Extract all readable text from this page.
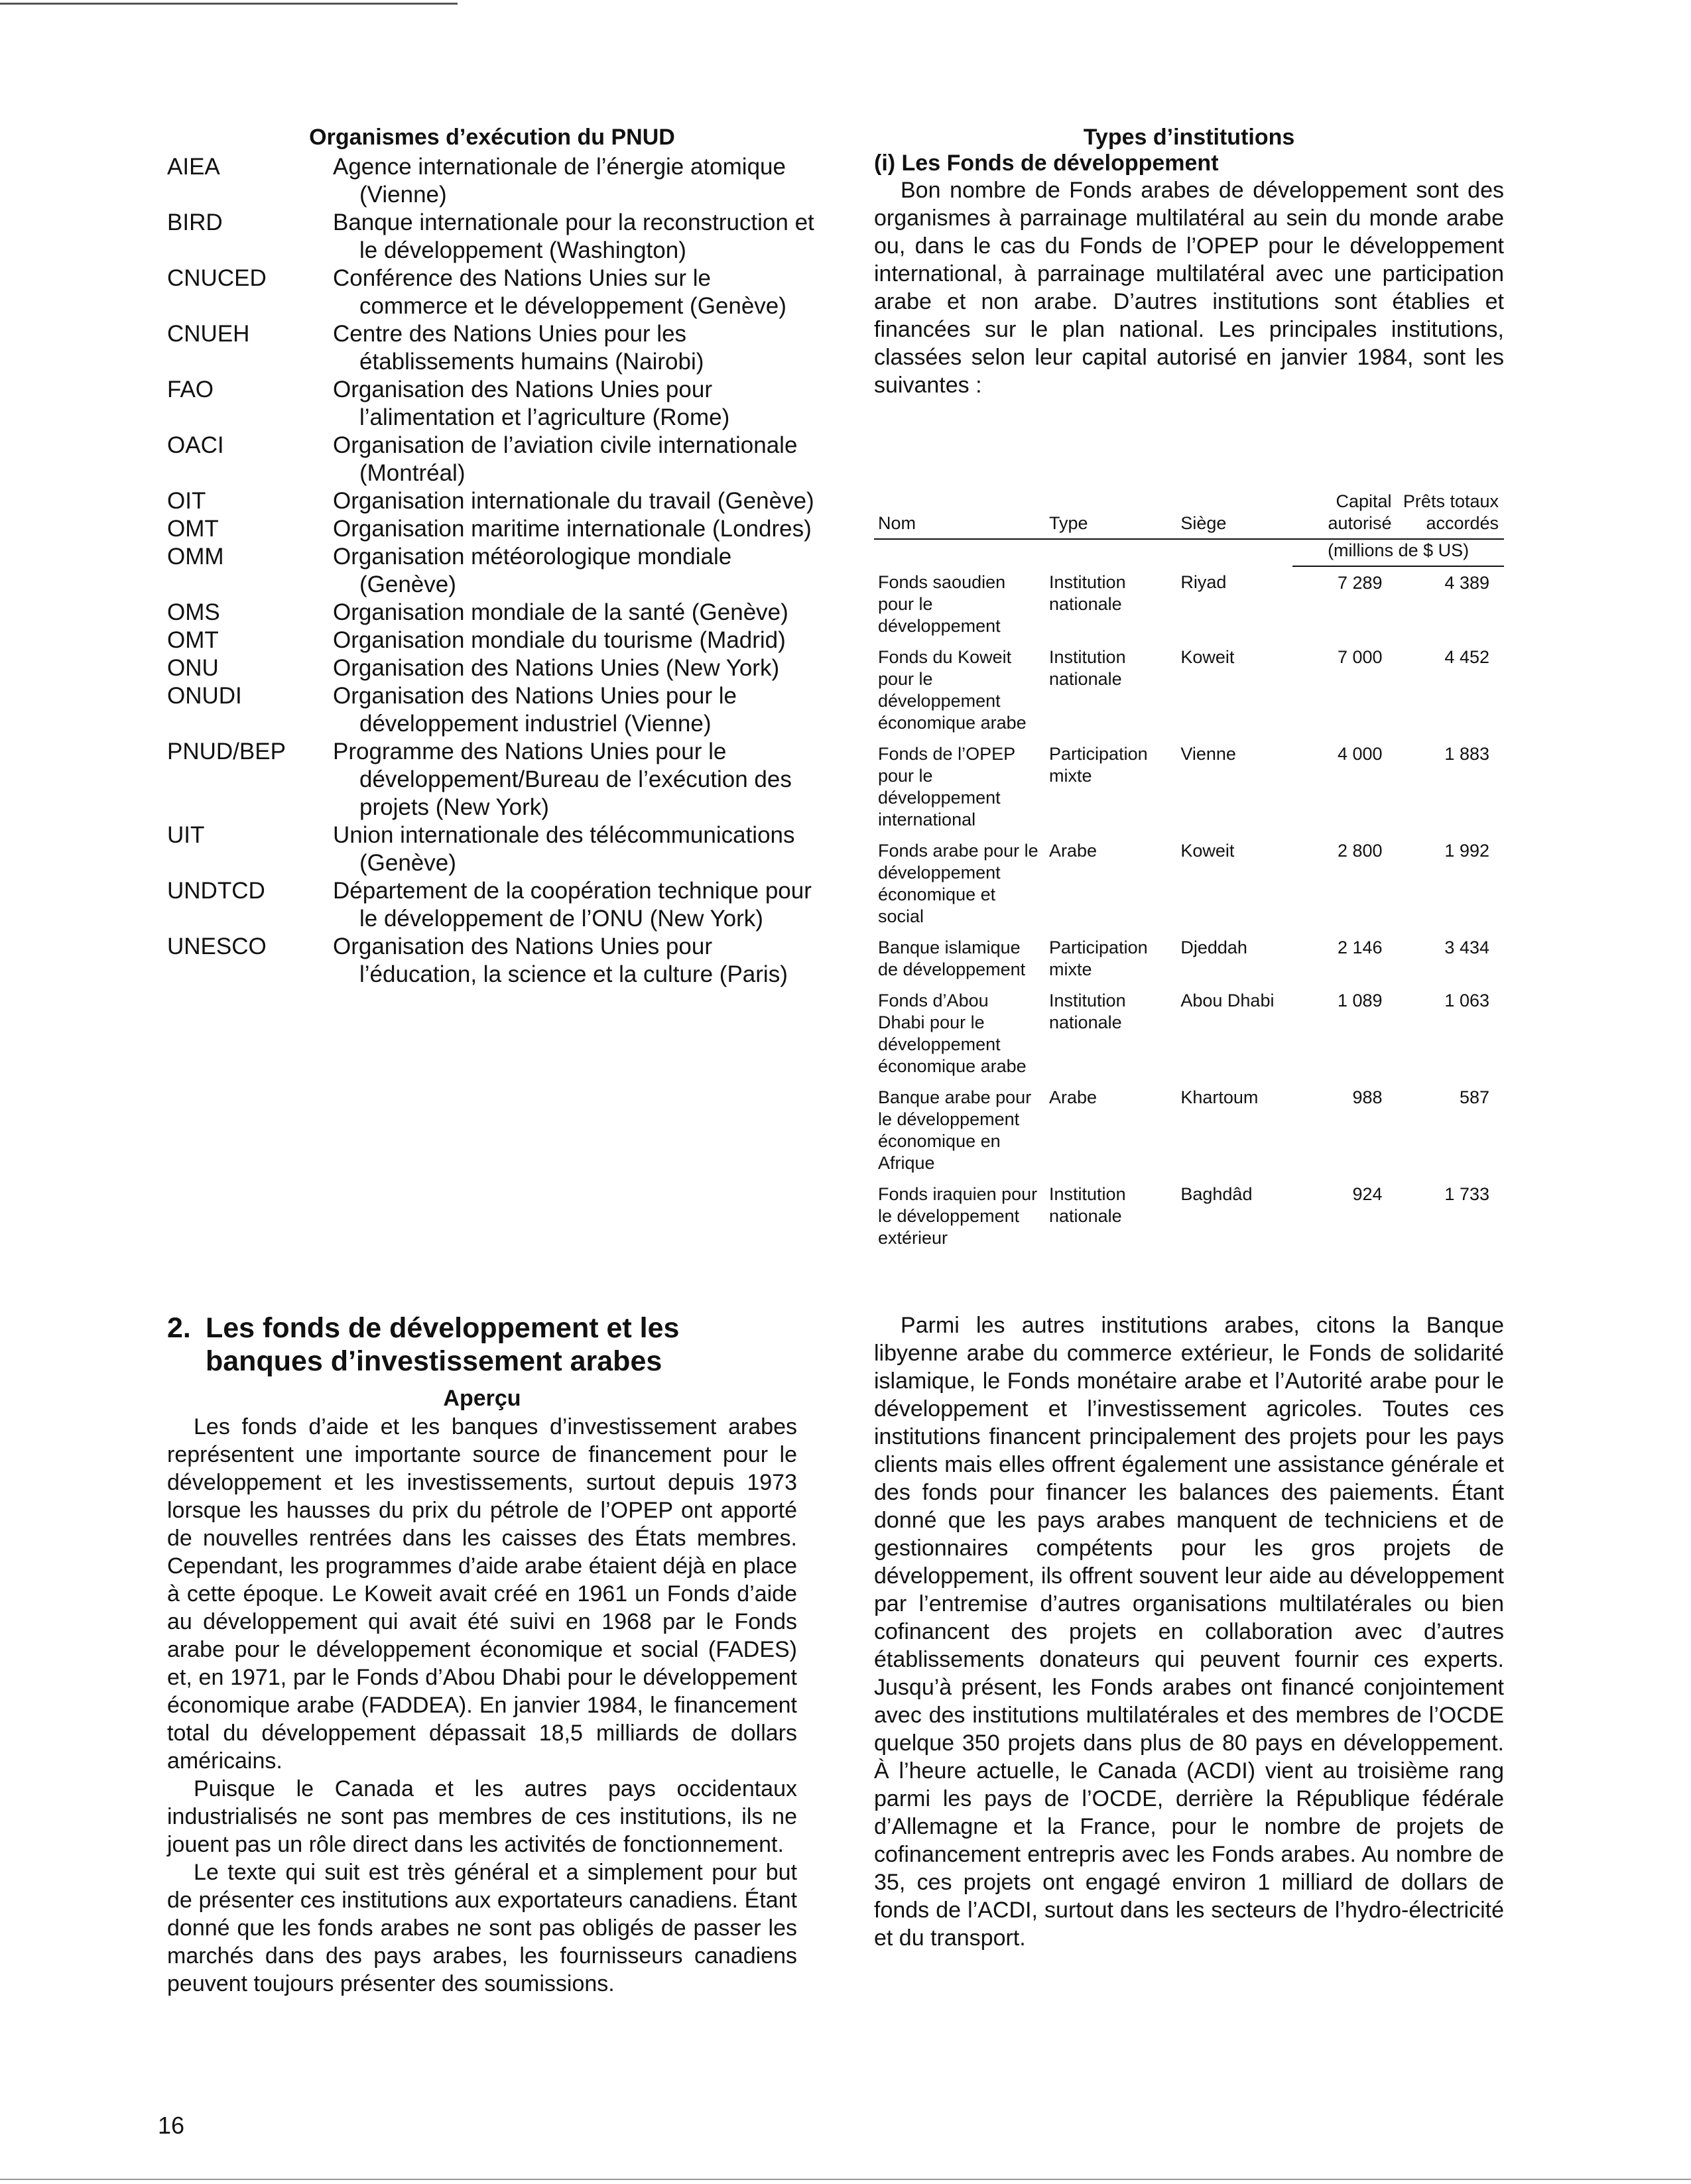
Organismes d’exécution du PNUD
AIEA	Agence internationale de l’énergie atomique (Vienne)
BIRD	Banque internationale pour la reconstruction et le développement (Washington)
CNUCED	Conférence des Nations Unies sur le commerce et le développement (Genève)
CNUEH	Centre des Nations Unies pour les établissements humains (Nairobi)
FAO	Organisation des Nations Unies pour l’alimentation et l’agriculture (Rome)
OACI	Organisation de l’aviation civile internationale (Montréal)
OIT	Organisation internationale du travail (Genève)
OMT	Organisation maritime internationale (Londres)
OMM	Organisation météorologique mondiale (Genève)
OMS	Organisation mondiale de la santé (Genève)
OMT	Organisation mondiale du tourisme (Madrid)
ONU	Organisation des Nations Unies (New York)
ONUDI	Organisation des Nations Unies pour le développement industriel (Vienne)
PNUD/BEP	Programme des Nations Unies pour le développement/Bureau de l’exécution des projets (New York)
UIT	Union internationale des télécommunications (Genève)
UNDTCD	Département de la coopération technique pour le développement de l’ONU (New York)
UNESCO	Organisation des Nations Unies pour l’éducation, la science et la culture (Paris)
Types d’institutions
(i) Les Fonds de développement

Bon nombre de Fonds arabes de développement sont des organismes à parrainage multilatéral au sein du monde arabe ou, dans le cas du Fonds de l’OPEP pour le développement international, à parrainage multilatéral avec une participation arabe et non arabe. D’autres institutions sont établies et financées sur le plan national. Les principales institutions, classées selon leur capital autorisé en janvier 1984, sont les suivantes :

Nom	Type	Siège	Capital autorisé	Prêts totaux accordés
			(millions de $ US)	
Fonds saoudien pour le développement	Institution nationale	Riyad	7 289	4 389
Fonds du Koweit pour le développement économique arabe	Institution nationale	Koweit	7 000	4 452
Fonds de l’OPEP pour le développement international	Participation mixte	Vienne	4 000	1 883
Fonds arabe pour le développement économique et social	Arabe	Koweit	2 800	1 992
Banque islamique de développement	Participation mixte	Djeddah	2 146	3 434
Fonds d’Abou Dhabi pour le développement économique arabe	Institution nationale	Abou Dhabi	1 089	1 063
Banque arabe pour le développement économique en Afrique	Arabe	Khartoum	988	587
Fonds iraquien pour le développement extérieur	Institution nationale	Baghdâd	924	1 733
2. Les fonds de développement et les banques d’investissement arabes
Aperçu

Les fonds d’aide et les banques d’investissement arabes représentent une importante source de financement pour le développement et les investissements, surtout depuis 1973 lorsque les hausses du prix du pétrole de l’OPEP ont apporté de nouvelles rentrées dans les caisses des États membres. Cependant, les programmes d’aide arabe étaient déjà en place à cette époque. Le Koweit avait créé en 1961 un Fonds d’aide au développement qui avait été suivi en 1968 par le Fonds arabe pour le développement économique et social (FADES) et, en 1971, par le Fonds d’Abou Dhabi pour le développement économique arabe (FADDEA). En janvier 1984, le financement total du développement dépassait 18,5 milliards de dollars américains.

Puisque le Canada et les autres pays occidentaux industrialisés ne sont pas membres de ces institutions, ils ne jouent pas un rôle direct dans les activités de fonctionnement.

Le texte qui suit est très général et a simplement pour but de présenter ces institutions aux exportateurs canadiens. Étant donné que les fonds arabes ne sont pas obligés de passer les marchés dans des pays arabes, les fournisseurs canadiens peuvent toujours présenter des soumissions.

Parmi les autres institutions arabes, citons la Banque libyenne arabe du commerce extérieur, le Fonds de solidarité islamique, le Fonds monétaire arabe et l’Autorité arabe pour le développement et l’investissement agricoles. Toutes ces institutions financent principalement des projets pour les pays clients mais elles offrent également une assistance générale et des fonds pour financer les balances des paiements. Étant donné que les pays arabes manquent de techniciens et de gestionnaires compétents pour les gros projets de développement, ils offrent souvent leur aide au développement par l’entremise d’autres organisations multilatérales ou bien cofinancent des projets en collaboration avec d’autres établissements donateurs qui peuvent fournir ces experts. Jusqu’à présent, les Fonds arabes ont financé conjointement avec des institutions multilatérales et des membres de l’OCDE quelque 350 projets dans plus de 80 pays en développement. À l’heure actuelle, le Canada (ACDI) vient au troisième rang parmi les pays de l’OCDE, derrière la République fédérale d’Allemagne et la France, pour le nombre de projets de cofinancement entrepris avec les Fonds arabes. Au nombre de 35, ces projets ont engagé environ 1 milliard de dollars de fonds de l’ACDI, surtout dans les secteurs de l’hydro-électricité et du transport.

16
